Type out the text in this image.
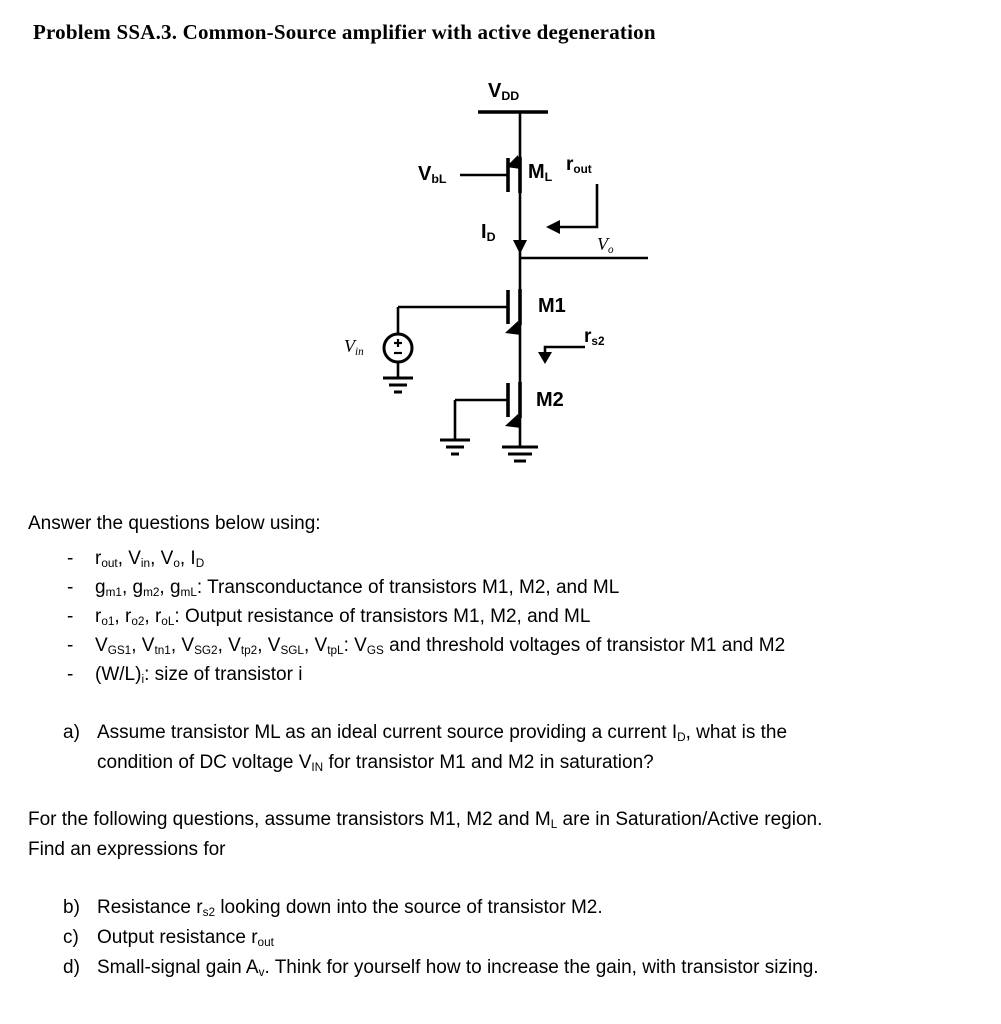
Problem SSA.3. Common-Source amplifier with active degeneration
$V_{DD}$
$V_{bL}$	$M_L$
$r_{out}$
$I_D$	$V_o$
M1
$V_{in}$
$r_{s2}$
M2

Answer the questions below using:

-	$r_{out}$, $V_{in}$, $V_o$, $I_D$
-	$g_{m1}$, $g_{m2}$, $g_{mL}$: Transconductance of transistors M1, M2, and ML
-	$r_{o1}$, $r_{o2}$, $r_{oL}$: Output resistance of transistors M1, M2, and ML
-	$V_{GS1}$, $V_{tn1}$, $V_{SG2}$, $V_{tp2}$, $V_{SGL}$, $V_{tpL}$: $V_{GS}$ and threshold voltages of transistor M1 and M2
-	$(W/L)_i$: size of transistor i
a) Assume transistor ML as an ideal current source providing a current $I_D$, what is the
condition of DC voltage $V_{IN}$ for transistor M1 and M2 in saturation?

For the following questions, assume transistors M1, M2 and $M_L$ are in Saturation/Active region.
Find an expressions for

b) Resistance $r_{s2}$ looking down into the source of transistor M2.
c) Output resistance $r_{out}$
d) Small-signal gain $A_v$. Think for yourself how to increase the gain, with transistor sizing.
